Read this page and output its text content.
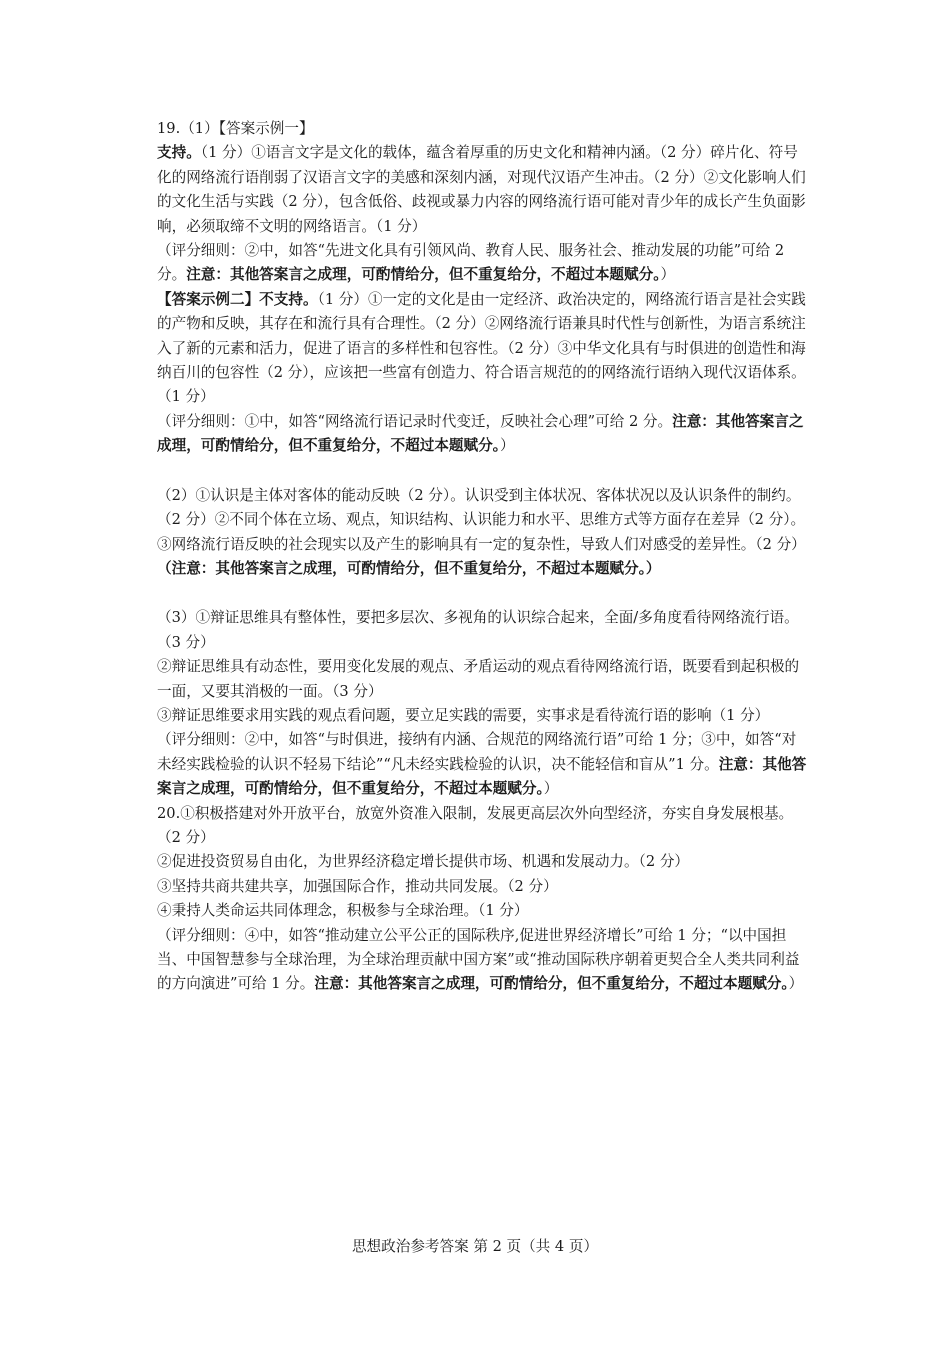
19.（1）【答案示例一】

支持。（1 分）①语言文字是文化的载体，蕴含着厚重的历史文化和精神内涵。（2 分）碎片化、符号化的网络流行语削弱了汉语言文字的美感和深刻内涵，对现代汉语产生冲击。（2 分）②文化影响人们的文化生活与实践（2 分），包含低俗、歧视或暴力内容的网络流行语可能对青少年的成长产生负面影响，必须取缔不文明的网络语言。（1 分）

（评分细则：②中，如答“先进文化具有引领风尚、教育人民、服务社会、推动发展的功能”可给 2 分。注意：其他答案言之成理，可酌情给分，但不重复给分，不超过本题赋分。）

【答案示例二】不支持。（1 分）①一定的文化是由一定经济、政治决定的，网络流行语言是社会实践的产物和反映，其存在和流行具有合理性。（2 分）②网络流行语兼具时代性与创新性，为语言系统注入了新的元素和活力，促进了语言的多样性和包容性。（2 分）③中华文化具有与时俱进的创造性和海纳百川的包容性（2 分），应该把一些富有创造力、符合语言规范的的网络流行语纳入现代汉语体系。（1 分）

（评分细则：①中，如答“网络流行语记录时代变迁，反映社会心理”可给 2 分。注意：其他答案言之成理，可酌情给分，但不重复给分，不超过本题赋分。）

（2）①认识是主体对客体的能动反映（2 分）。认识受到主体状况、客体状况以及认识条件的制约。（2 分）②不同个体在立场、观点，知识结构、认识能力和水平、思维方式等方面存在差异（2 分）。③网络流行语反映的社会现实以及产生的影响具有一定的复杂性，导致人们对感受的差异性。（2 分）

（注意：其他答案言之成理，可酌情给分，但不重复给分，不超过本题赋分。）

（3）①辩证思维具有整体性，要把多层次、多视角的认识综合起来，全面/多角度看待网络流行语。（3 分）

②辩证思维具有动态性，要用变化发展的观点、矛盾运动的观点看待网络流行语，既要看到起积极的一面，又要其消极的一面。（3 分）

③辩证思维要求用实践的观点看问题，要立足实践的需要，实事求是看待流行语的影响（1 分）

（评分细则：②中，如答“与时俱进，接纳有内涵、合规范的网络流行语”可给 1 分；③中，如答“对未经实践检验的认识不轻易下结论”“凡未经实践检验的认识，决不能轻信和盲从”1 分。注意：其他答案言之成理，可酌情给分，但不重复给分，不超过本题赋分。）

20.①积极搭建对外开放平台，放宽外资准入限制，发展更高层次外向型经济，夯实自身发展根基。（2 分）

②促进投资贸易自由化，为世界经济稳定增长提供市场、机遇和发展动力。（2 分）

③坚持共商共建共享，加强国际合作，推动共同发展。（2 分）

④秉持人类命运共同体理念，积极参与全球治理。（1 分）

（评分细则：④中，如答“推动建立公平公正的国际秩序,促进世界经济增长”可给 1 分；“以中国担当、中国智慧参与全球治理，为全球治理贡献中国方案”或“推动国际秩序朝着更契合全人类共同利益的方向演进”可给 1 分。注意：其他答案言之成理，可酌情给分，但不重复给分，不超过本题赋分。）

思想政治参考答案 第 2 页（共 4 页）
